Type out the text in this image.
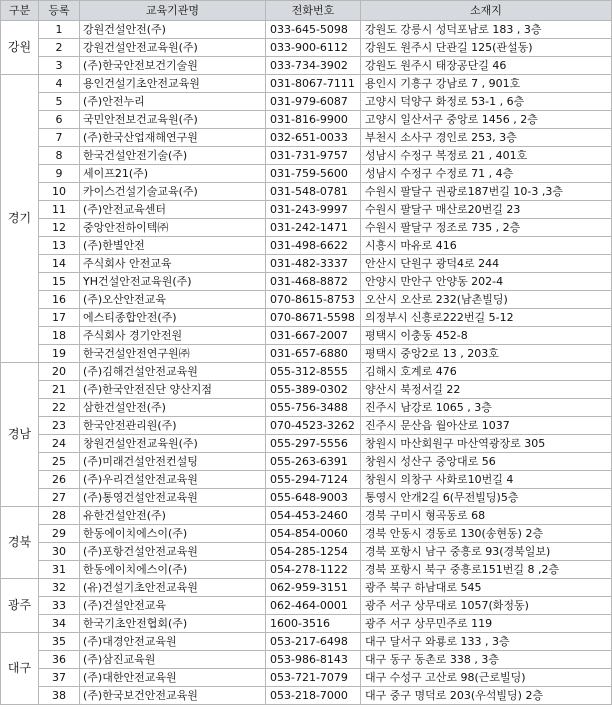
구분	등록	교육기관명	전화번호	소재지
강원	1	강원건설안전(주)	033-645-5098	강원도 강릉시 성덕포남로 183 , 3층
	2	강원건설안전교육원(주)	033-900-6112	강원도 원주시 단관길 125(관설동)
	3	(주)한국안전보건기술원	033-734-3902	강원도 원주시 태장공단길 46
경기	4	용인건설기초안전교육원	031-8067-7111	용인시 기흥구 강남로 7 , 901호
	5	(주)안전누리	031-979-6087	고양시 덕양구 화정로 53-1 , 6층
	6	국민안전보건교육원(주)	031-816-9900	고양시 일산서구 중앙로 1456 , 2층
	7	(주)한국산업재해연구원	032-651-0033	부천시 소사구 경인로 253, 3층
	8	한국건설안전기술(주)	031-731-9757	성남시 수정구 복정로 21 , 401호
	9	세이프21(주)	031-759-5600	성남시 수정구 수정로 71 , 4층
	10	카이스건설기술교육(주)	031-548-0781	수원시 팔달구 권광로187번길 10-3 ,3층
	11	(주)안전교육센터	031-243-9997	수원시 팔달구 매산로20번길 23
	12	중앙안전하이텍㈜	031-242-1471	수원시 팔달구 정조로 735 , 2층
	13	(주)한별안전	031-498-6622	시흥시 마유로 416
	14	주식회사 안전교육	031-482-3337	안산시 단원구 광덕4로 244
	15	YH건설안전교육원(주)	031-468-8872	안양시 만안구 안양동 202-4
	16	(주)오산안전교육	070-8615-8753	오산시 오산로 232(남촌빌딩)
	17	에스티종합안전(주)	070-8671-5598	의정부시 신흥로222번길 5-12
	18	주식회사 경기안전원	031-667-2007	평택시 이충동 452-8
	19	한국건설안전연구원㈜	031-657-6880	평택시 중앙2로 13 , 203호
경남	20	(주)김해건설안전교육원	055-312-8555	김해시 호계로 476
	21	(주)한국안전진단 양산지점	055-389-0302	양산시 북정서길 22
	22	삼한건설안전(주)	055-756-3488	진주시 남강로 1065 , 3층
	23	한국안전관리원(주)	070-4523-3262	진주시 문산읍 월아산로 1037
	24	창원건설안전교육원(주)	055-297-5556	창원시 마산회원구 마산역광장로 305
	25	(주)미래건설안전컨설팅	055-263-6391	창원시 성산구 중앙대로 56
	26	(주)우리건설안전교육원	055-294-7124	창원시 의창구 사화로10번길 4
	27	(주)통영건설안전교육원	055-648-9003	통영시 안개2길 6(무전빌딩)5층
경북	28	유한건설안전(주)	054-453-2460	경북 구미시 형곡동로 68
	29	한동에이치에스이(주)	054-854-0060	경북 안동시 경동로 130(송현동) 2층
	30	(주)포항건설안전교육원	054-285-1254	경북 포항시 남구 중흥로 93(경북일보)
	31	한동에이치에스이(주)	054-278-1122	경북 포항시 북구 중흥로151번길 8 ,2층
광주	32	(유)건설기초안전교육원	062-959-3151	광주 북구 하남대로 545
	33	(주)건설안전교육	062-464-0001	광주 서구 상무대로 1057(화정동)
	34	한국기초안전협회(주)	1600-3516	광주 서구 상무민주로 119
대구	35	(주)대경안전교육원	053-217-6498	대구 달서구 와룡로 133 , 3층
	36	(주)삼진교육원	053-986-8143	대구 동구 동촌로 338 , 3층
	37	(주)대한안전교육원	053-721-7079	대구 수성구 고산로 98(근로빌딩)
	38	(주)한국보건안전교육원	053-218-7000	대구 중구 명덕로 203(우석빌딩) 2층
